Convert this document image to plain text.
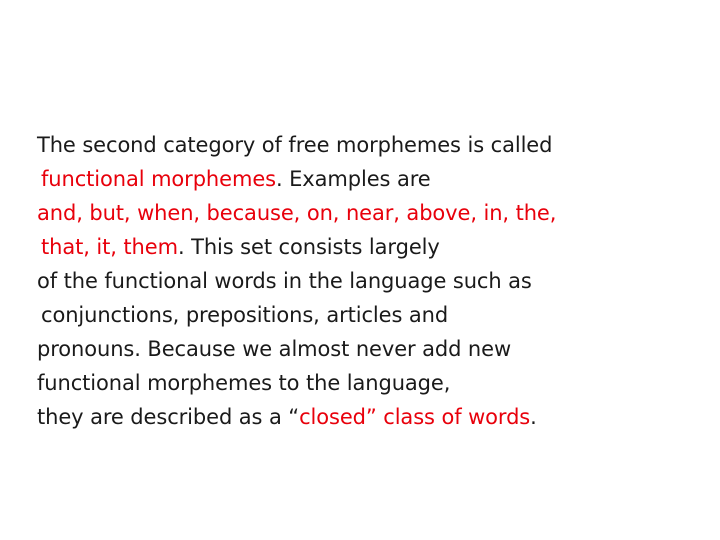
The second category of free morphemes is called
functional morphemes. Examples are
and, but, when, because, on, near, above, in, the,
that, it, them. This set consists largely
of the functional words in the language such as
conjunctions, prepositions, articles and
pronouns. Because we almost never add new
functional morphemes to the language,
they are described as a “closed” class of words.
